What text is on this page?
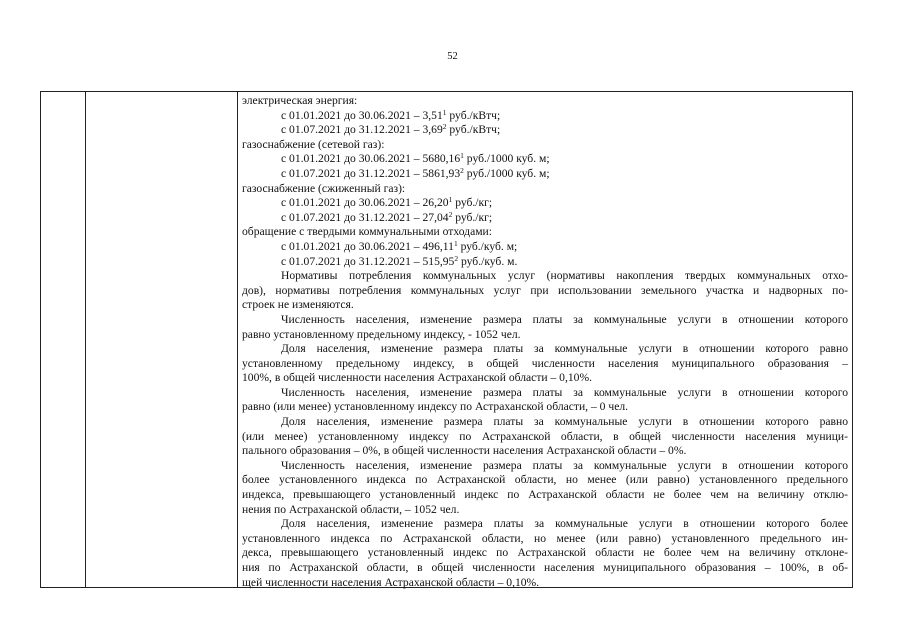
52
электрическая энергия:
с 01.01.2021 до 30.06.2021 – 3,51$^1$ руб./кВтч;
с 01.07.2021 до 31.12.2021 – 3,69$^2$ руб./кВтч;
газоснабжение (сетевой газ):
с 01.01.2021 до 30.06.2021 – 5680,16$^1$ руб./1000 куб. м;
с 01.07.2021 до 31.12.2021 – 5861,93$^2$ руб./1000 куб. м;
газоснабжение (сжиженный газ):
с 01.01.2021 до 30.06.2021 – 26,20$^1$ руб./кг;
с 01.07.2021 до 31.12.2021 – 27,04$^2$ руб./кг;
обращение с твердыми коммунальными отходами:
с 01.01.2021 до 30.06.2021 – 496,11$^1$ руб./куб. м;
с 01.07.2021 до 31.12.2021 – 515,95$^2$ руб./куб. м.
Нормативы потребления коммунальных услуг (нормативы накопления твердых коммунальных отхо-
дов), нормативы потребления коммунальных услуг при использовании земельного участка и надворных по-
строек не изменяются.
Численность населения, изменение размера платы за коммунальные услуги в отношении которого
равно установленному предельному индексу, - 1052 чел.
Доля населения, изменение размера платы за коммунальные услуги в отношении которого равно
установленному предельному индексу, в общей численности населения муниципального образования –
100%, в общей численности населения Астраханской области – 0,10%.
Численность населения, изменение размера платы за коммунальные услуги в отношении которого
равно (или менее) установленному индексу по Астраханской области, – 0 чел.
Доля населения, изменение размера платы за коммунальные услуги в отношении которого равно
(или менее) установленному индексу по Астраханской области, в общей численности населения муници-
пального образования – 0%, в общей численности населения Астраханской области – 0%.
Численность населения, изменение размера платы за коммунальные услуги в отношении которого
более установленного индекса по Астраханской области, но менее (или равно) установленного предельного
индекса, превышающего установленный индекс по Астраханской области не более чем на величину отклю-
нения по Астраханской области, – 1052 чел.
Доля населения, изменение размера платы за коммунальные услуги в отношении которого более
установленного индекса по Астраханской области, но менее (или равно) установленного предельного ин-
декса, превышающего установленный индекс по Астраханской области не более чем на величину отклоне-
ния по Астраханской области, в общей численности населения муниципального образования – 100%, в об-
щей численности населения Астраханской области – 0,10%.
